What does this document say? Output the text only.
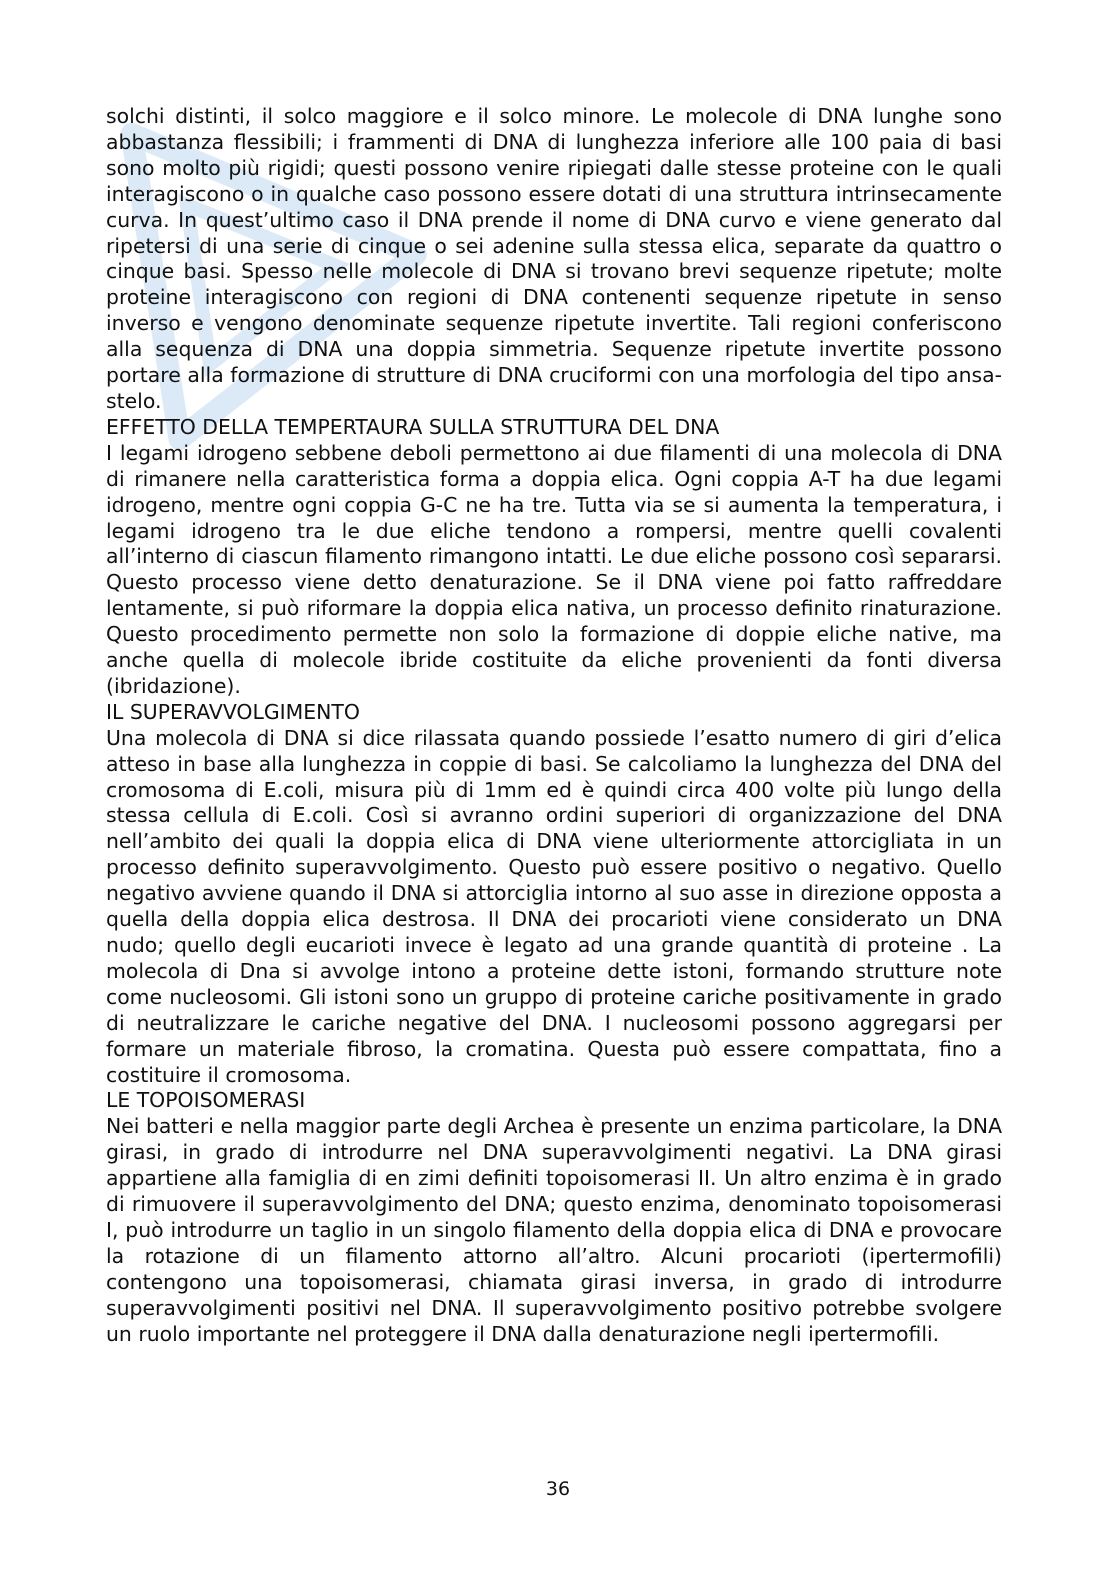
solchi distinti, il solco maggiore e il solco minore. Le molecole di DNA lunghe sono abbastanza flessibili; i frammenti di DNA di lunghezza inferiore alle 100 paia di basi sono molto più rigidi; questi possono venire ripiegati dalle stesse proteine con le quali interagiscono o in qualche caso possono essere dotati di una struttura intrinsecamente curva. In quest’ultimo caso il DNA prende il nome di DNA curvo e viene generato dal ripetersi di una serie di cinque o sei adenine sulla stessa elica, separate da quattro o cinque basi. Spesso nelle molecole di DNA si trovano brevi sequenze ripetute; molte proteine interagiscono con regioni di DNA contenenti sequenze ripetute in senso inverso e vengono denominate sequenze ripetute invertite. Tali regioni conferiscono alla sequenza di DNA una doppia simmetria. Sequenze ripetute invertite possono portare alla formazione di strutture di DNA cruciformi con una morfologia del tipo ansa-stelo.

EFFETTO DELLA TEMPERTAURA SULLA STRUTTURA DEL DNA

I legami idrogeno sebbene deboli permettono ai due filamenti di una molecola di DNA di rimanere nella caratteristica forma a doppia elica. Ogni coppia A-T ha due legami idrogeno, mentre ogni coppia G-C ne ha tre. Tutta via se si aumenta la temperatura, i legami idrogeno tra le due eliche tendono a rompersi, mentre quelli covalenti all’interno di ciascun filamento rimangono intatti. Le due eliche possono così separarsi. Questo processo viene detto denaturazione. Se il DNA viene poi fatto raffreddare lentamente, si può riformare la doppia elica nativa, un processo definito rinaturazione. Questo procedimento permette non solo la formazione di doppie eliche native, ma anche quella di molecole ibride costituite da eliche provenienti da fonti diversa (ibridazione).

IL SUPERAVVOLGIMENTO

Una molecola di DNA si dice rilassata quando possiede l’esatto numero di giri d’elica atteso in base alla lunghezza in coppie di basi. Se calcoliamo la lunghezza del DNA del cromosoma di E.coli, misura più di 1mm ed è quindi circa 400 volte più lungo della stessa cellula di E.coli. Così si avranno ordini superiori di organizzazione del DNA nell’ambito dei quali la doppia elica di DNA viene ulteriormente attorcigliata in un processo definito superavvolgimento. Questo può essere positivo o negativo. Quello negativo avviene quando il DNA si attorciglia intorno al suo asse in direzione opposta a quella della doppia elica destrosa. Il DNA dei procarioti viene considerato un DNA nudo; quello degli eucarioti invece è legato ad una grande quantità di proteine . La molecola di Dna si avvolge intono a proteine dette istoni, formando strutture note come nucleosomi. Gli istoni sono un gruppo di proteine cariche positivamente in grado di neutralizzare le cariche negative del DNA. I nucleosomi possono aggregarsi per formare un materiale fibroso, la cromatina. Questa può essere compattata, fino a costituire il cromosoma.

LE TOPOISOMERASI

Nei batteri e nella maggior parte degli Archea è presente un enzima particolare, la DNA girasi, in grado di introdurre nel DNA superavvolgimenti negativi. La DNA girasi appartiene alla famiglia di en zimi definiti topoisomerasi II. Un altro enzima è in grado di rimuovere il superavvolgimento del DNA; questo enzima, denominato topoisomerasi I, può introdurre un taglio in un singolo filamento della doppia elica di DNA e provocare la rotazione di un filamento attorno all’altro. Alcuni procarioti (ipertermofili) contengono una topoisomerasi, chiamata girasi inversa, in grado di introdurre superavvolgimenti positivi nel DNA. Il superavvolgimento positivo potrebbe svolgere un ruolo importante nel proteggere il DNA dalla denaturazione negli ipertermofili.

36
